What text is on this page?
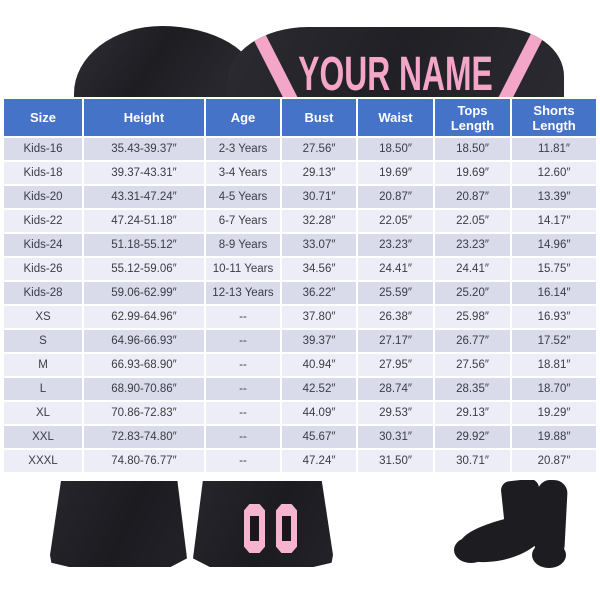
YOUR NAME
Size	Height	Age	Bust	Waist	Tops Length	Shorts Length
Kids-16	35.43-39.37″	2-3 Years	27.56″	18.50″	18.50″	11.81″
Kids-18	39.37-43.31″	3-4 Years	29.13″	19.69″	19.69″	12.60″
Kids-20	43.31-47.24″	4-5 Years	30.71″	20.87″	20.87″	13.39″
Kids-22	47.24-51.18″	6-7 Years	32.28″	22.05″	22.05″	14.17″
Kids-24	51.18-55.12″	8-9 Years	33.07″	23.23″	23.23″	14.96″
Kids-26	55.12-59.06″	10-11 Years	34.56″	24.41″	24.41″	15.75″
Kids-28	59.06-62.99″	12-13 Years	36.22″	25.59″	25.20″	16.14″
XS	62.99-64.96″	--	37.80″	26.38″	25.98″	16.93″
S	64.96-66.93″	--	39.37″	27.17″	26.77″	17.52″
M	66.93-68.90″	--	40.94″	27.95″	27.56″	18.81″
L	68.90-70.86″	--	42.52″	28.74″	28.35″	18.70″
XL	70.86-72.83″	--	44.09″	29.53″	29.13″	19.29″
XXL	72.83-74.80″	--	45.67″	30.31″	29.92″	19.88″
XXXL	74.80-76.77″	--	47.24″	31.50″	30.71″	20.87″
